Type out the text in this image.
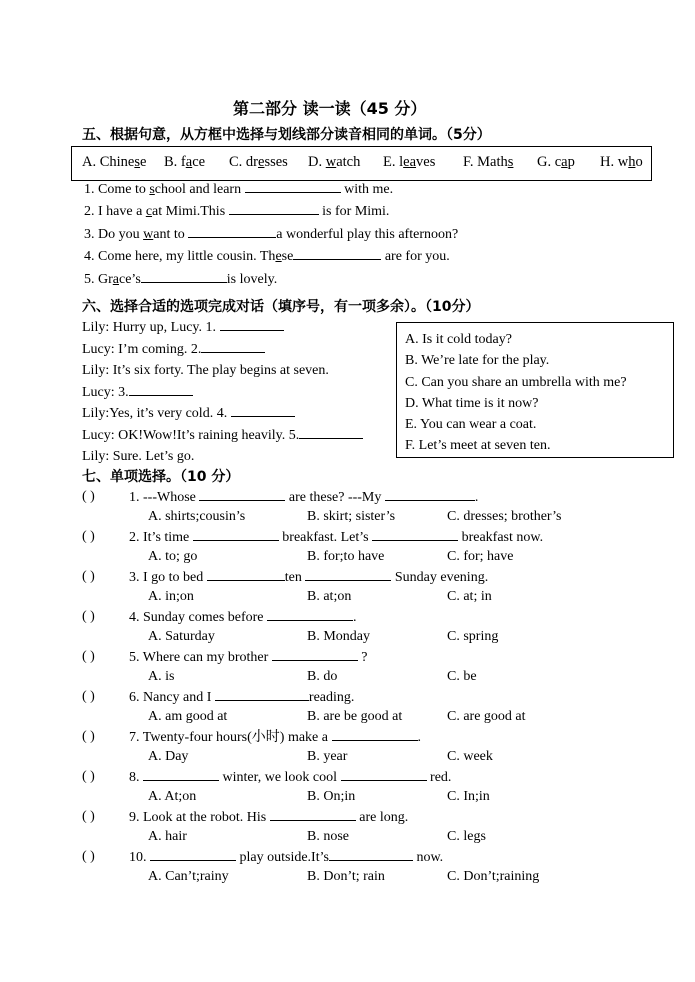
第二部分 读一读（45 分）
五、根据句意，从方框中选择与划线部分读音相同的单词。（5分）
A. Chinese B. face C. dresses D. watch E. leaves F. Maths G. cap H. who
1. Come to school and learn	with me.
2. I have a cat Mimi.This	is for Mimi.
3. Do you want to	a wonderful play this afternoon?
4. Come here, my little cousin. These	are for you.
5. Grace’s	is lovely.
六、选择合适的选项完成对话（填序号，有一项多余）。（10分）
Lily: Hurry up, Lucy. 1.
Lucy: I’m coming. 2.
Lily: It’s six forty. The play begins at seven.
Lucy: 3.
Lily:Yes, it’s very cold. 4.
Lucy: OK!Wow!It’s raining heavily. 5.
Lily: Sure. Let’s go.
A. Is it cold today?
B. We’re late for the play.
C. Can you share an umbrella with me?
D. What time is it now?
E. You can wear a coat.
F. Let’s meet at seven ten.
七、单项选择。（10 分）
( ) 1. ---Whose	are these? ---My	.
A. shirts;cousin’s	B. skirt; sister’s	C. dresses; brother’s
( ) 2. It’s time	breakfast. Let’s	breakfast now.
A. to; go	B. for;to have	C. for; have
( ) 3. I go to bed	ten	Sunday evening.
A. in;on	B. at;on	C. at; in
( ) 4. Sunday comes before	.
A. Saturday	B. Monday	C. spring
( ) 5. Where can my brother	?
A. is	B. do	C. be
( ) 6. Nancy and I	reading.
A. am good at	B. are be good at	C. are good at
( ) 7. Twenty-four hours(小时) make a	.
A. Day	B. year	C. week
( ) 8.	winter, we look cool	red.
A. At;on	B. On;in	C. In;in
( ) 9. Look at the robot. His	are long.
A. hair	B. nose	C. legs
( ) 10.	play outside.It’s	now.
A. Can’t;rainy	B. Don’t; rain	C. Don’t;raining
